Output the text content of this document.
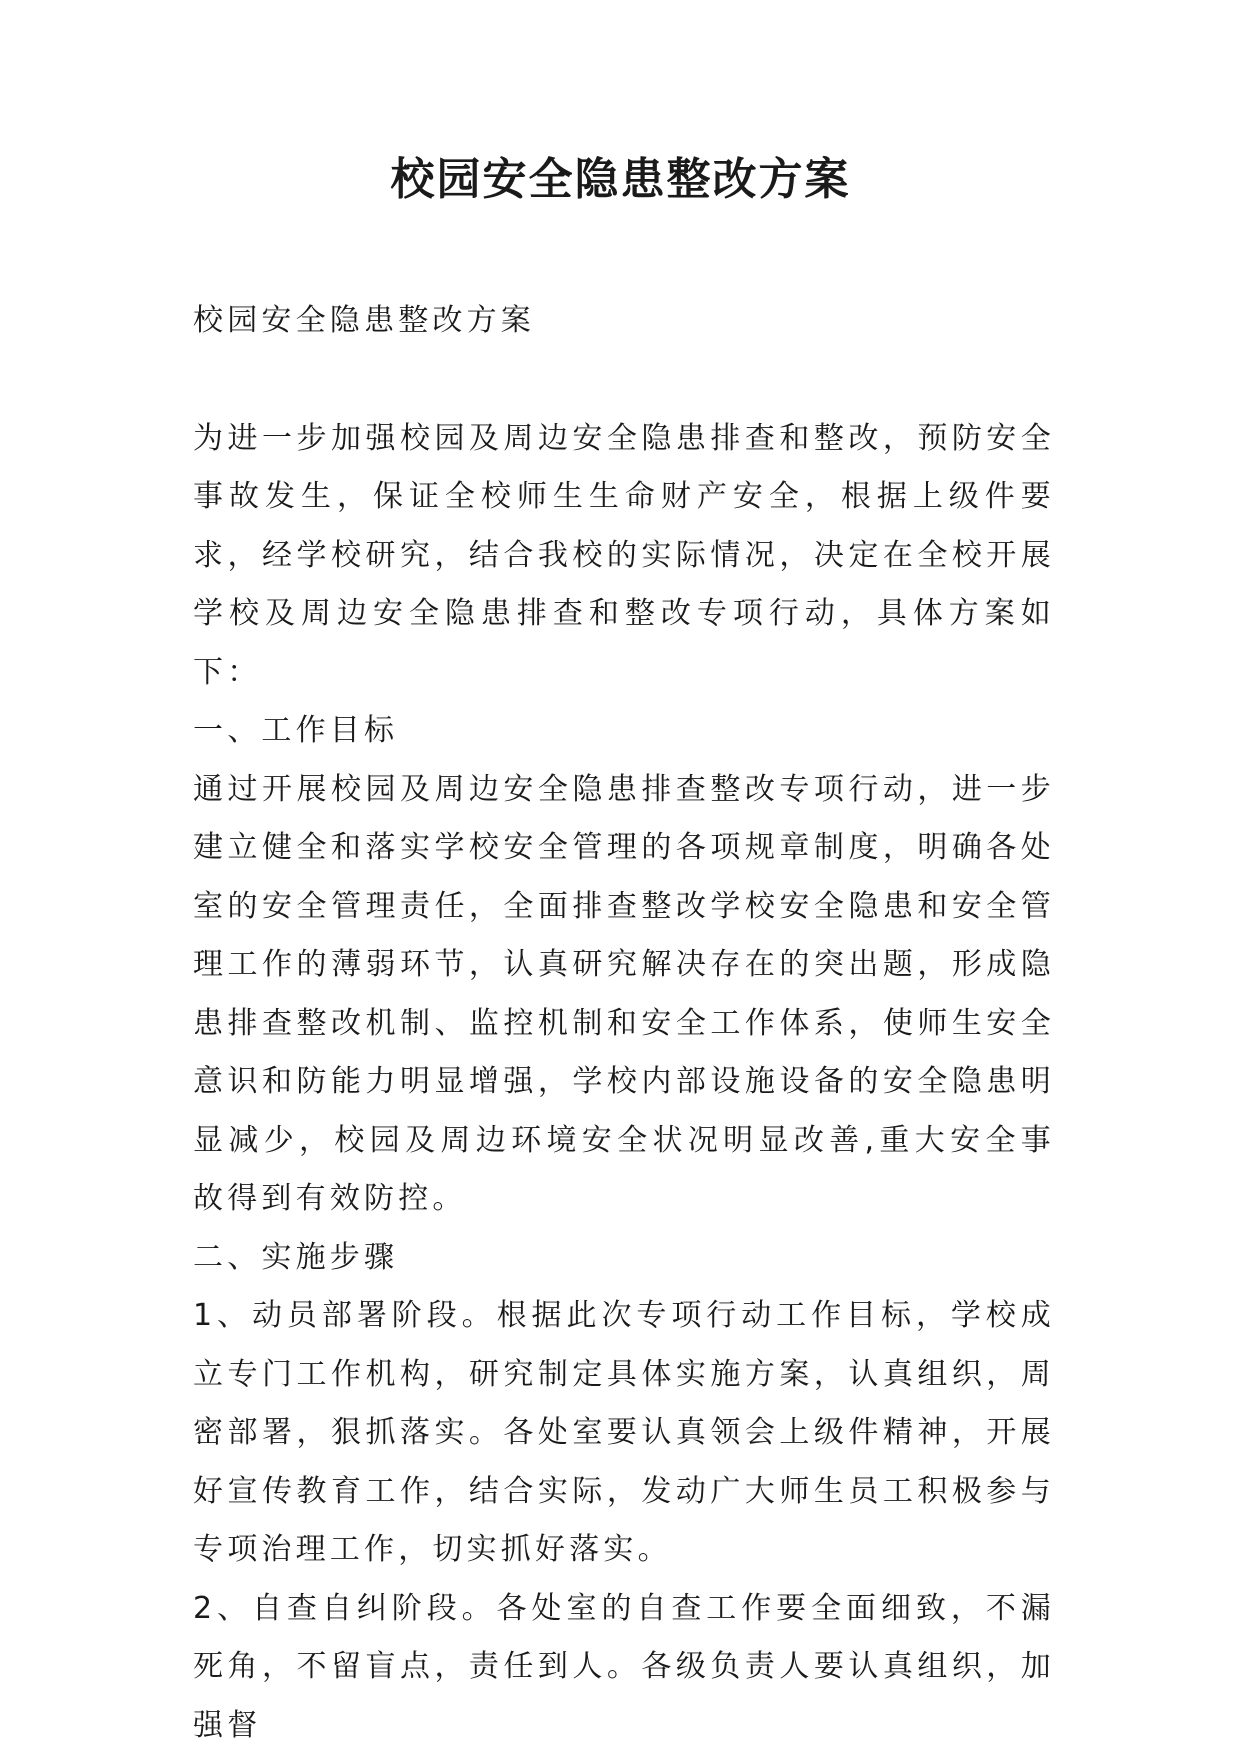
校园安全隐患整改方案

校园安全隐患整改方案

为进一步加强校园及周边安全隐患排查和整改，预防安全事故发生，保证全校师生生命财产安全，根据上级件要求，经学校研究，结合我校的实际情况，决定在全校开展学校及周边安全隐患排查和整改专项行动，具体方案如下：

一、工作目标

通过开展校园及周边安全隐患排查整改专项行动，进一步建立健全和落实学校安全管理的各项规章制度，明确各处室的安全管理责任，全面排查整改学校安全隐患和安全管理工作的薄弱环节，认真研究解决存在的突出题，形成隐患排查整改机制、监控机制和安全工作体系，使师生安全意识和防能力明显增强，学校内部设施设备的安全隐患明显减少，校园及周边环境安全状况明显改善,重大安全事故得到有效防控。

二、实施步骤

1、动员部署阶段。根据此次专项行动工作目标，学校成立专门工作机构，研究制定具体实施方案，认真组织，周密部署，狠抓落实。各处室要认真领会上级件精神，开展好宣传教育工作，结合实际，发动广大师生员工积极参与专项治理工作，切实抓好落实。

2、自查自纠阶段。各处室的自查工作要全面细致，不漏死角，不留盲点，责任到人。各级负责人要认真组织，加强督
